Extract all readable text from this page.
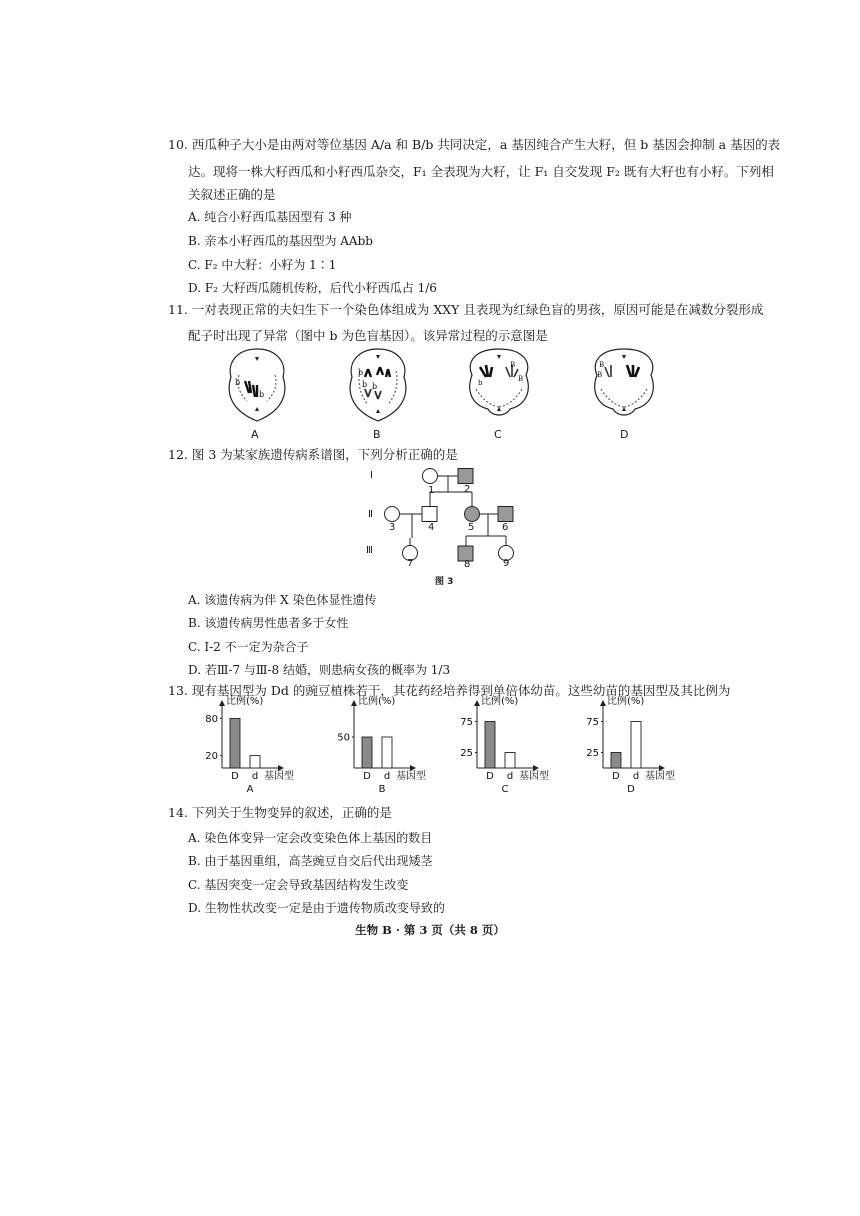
10. 西瓜种子大小是由两对等位基因 A/a 和 B/b 共同决定，a 基因纯合产生大籽，但 b 基因会抑制 a 基因的表
达。现将一株大籽西瓜和小籽西瓜杂交，F₁ 全表现为大籽，让 F₁ 自交发现 F₂ 既有大籽也有小籽。下列相
关叙述正确的是
A. 纯合小籽西瓜基因型有 3 种
B. 亲本小籽西瓜的基因型为 AAbb
C. F₂ 中大籽：小籽为 1∶1
D. F₂ 大籽西瓜随机传粉，后代小籽西瓜占 1/6
11. 一对表现正常的夫妇生下一个染色体组成为 XXY 且表现为红绿色盲的男孩，原因可能是在减数分裂形成
配子时出现了异常（图中 b 为色盲基因）。该异常过程的示意图是
b
b
b
b b	b
B
B
B
B
A	B	C	D
12. 图 3 为某家族遗传病系谱图，下列分析正确的是
Ⅰ
Ⅱ
Ⅲ
1	2
3	4	5	6
7	8	9
图 3
A. 该遗传病为伴 X 染色体显性遗传
B. 该遗传病男性患者多于女性
C. Ⅰ-2 不一定为杂合子
D. 若Ⅲ-7 与Ⅲ-8 结婚，则患病女孩的概率为 1/3
13. 现有基因型为 Dd 的豌豆植株若干，其花药经培养得到单倍体幼苗。这些幼苗的基因型及其比例为
比例(%)
20
80
D d 基因型
A
比例(%)
50
D d 基因型
B
比例(%)
25
75
D d 基因型
C
比例(%)
25
75
D d 基因型
D
14. 下列关于生物变异的叙述，正确的是
A. 染色体变异一定会改变染色体上基因的数目
B. 由于基因重组，高茎豌豆自交后代出现矮茎
C. 基因突变一定会导致基因结构发生改变
D. 生物性状改变一定是由于遗传物质改变导致的
生物 B · 第 3 页（共 8 页）
